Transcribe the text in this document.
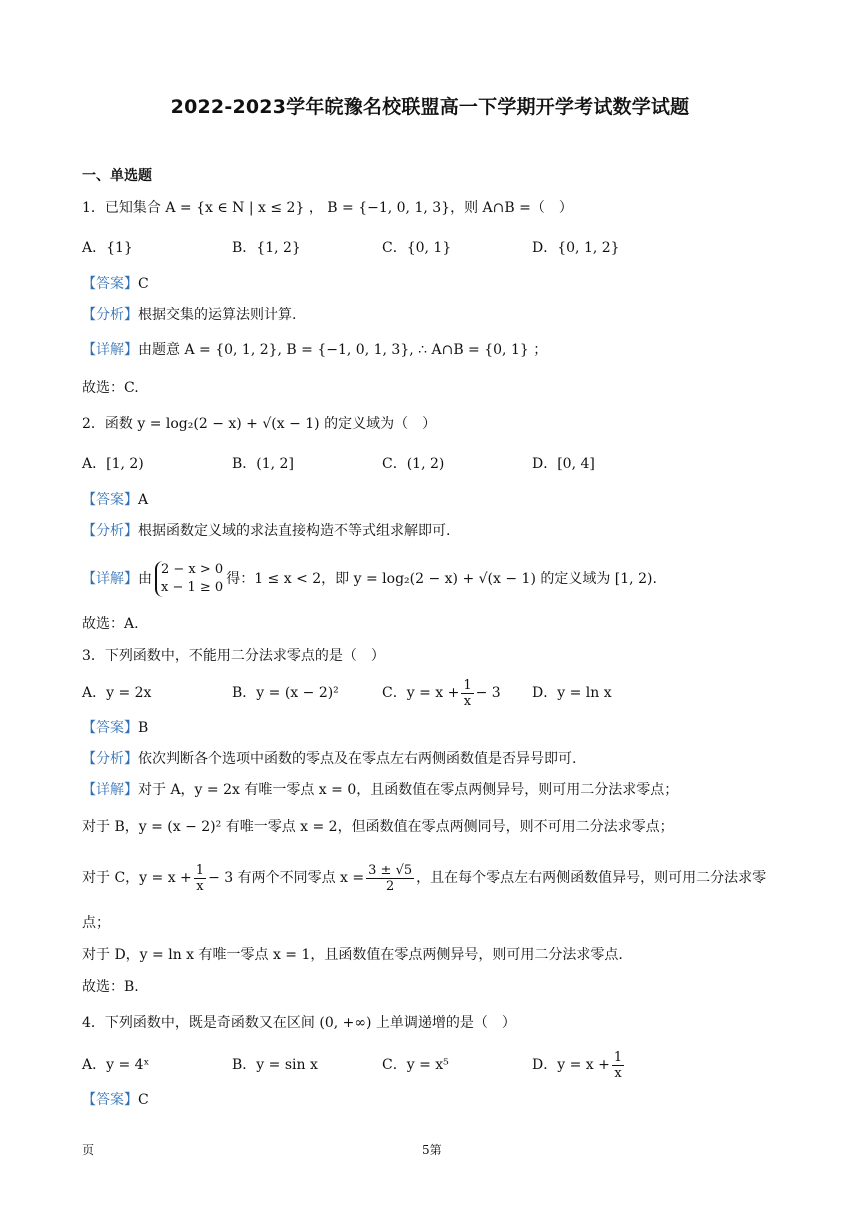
2022-2023学年皖豫名校联盟高一下学期开学考试数学试题
一、单选题
1．已知集合 A = {x ∈ N | x ≤ 2} ， B = {−1, 0, 1, 3}，则 A∩B =（　）
A．{1}	B．{1, 2}	C．{0, 1}	D．{0, 1, 2}
【答案】C
【分析】根据交集的运算法则计算.
【详解】由题意 A = {0, 1, 2}, B = {−1, 0, 1, 3}, ∴ A∩B = {0, 1} ；
故选：C.
2．函数 y = log₂(2 − x) + √(x − 1) 的定义域为（　）
A．[1, 2)	B．(1, 2]	C．(1, 2)	D．[0, 4]
【答案】A
【分析】根据函数定义域的求法直接构造不等式组求解即可.
【详解】由
2 − x > 0
x − 1 ≥ 0
得：1 ≤ x < 2，即 y = log₂(2 − x) + √(x − 1) 的定义域为 [1, 2).
故选：A.
3．下列函数中，不能用二分法求零点的是（　）
A．y = 2x	B．y = (x − 2)²	C．$y = x + \frac{1}{x} - 3$ D．y = ln x
【答案】B
【分析】依次判断各个选项中函数的零点及在零点左右两侧函数值是否异号即可.
【详解】对于 A，y = 2x 有唯一零点 x = 0，且函数值在零点两侧异号，则可用二分法求零点；
对于 B，y = (x − 2)² 有唯一零点 x = 2，但函数值在零点两侧同号，则不可用二分法求零点；
对于 C，$y = x + \frac{1}{x} - 3$ 有两个不同零点 $x = \frac{3 \pm √5}{2}$ ，且在每个零点左右两侧函数值异号，则可用二分法求零
点；
对于 D，y = ln x 有唯一零点 x = 1，且函数值在零点两侧异号，则可用二分法求零点.
故选：B.
4．下列函数中，既是奇函数又在区间 (0, +∞) 上单调递增的是（　）
A．y = 4ˣ	B．y = sin x	C．y = x⁵	D．$y = x + \frac{1}{x}$
【答案】C
页	5第
